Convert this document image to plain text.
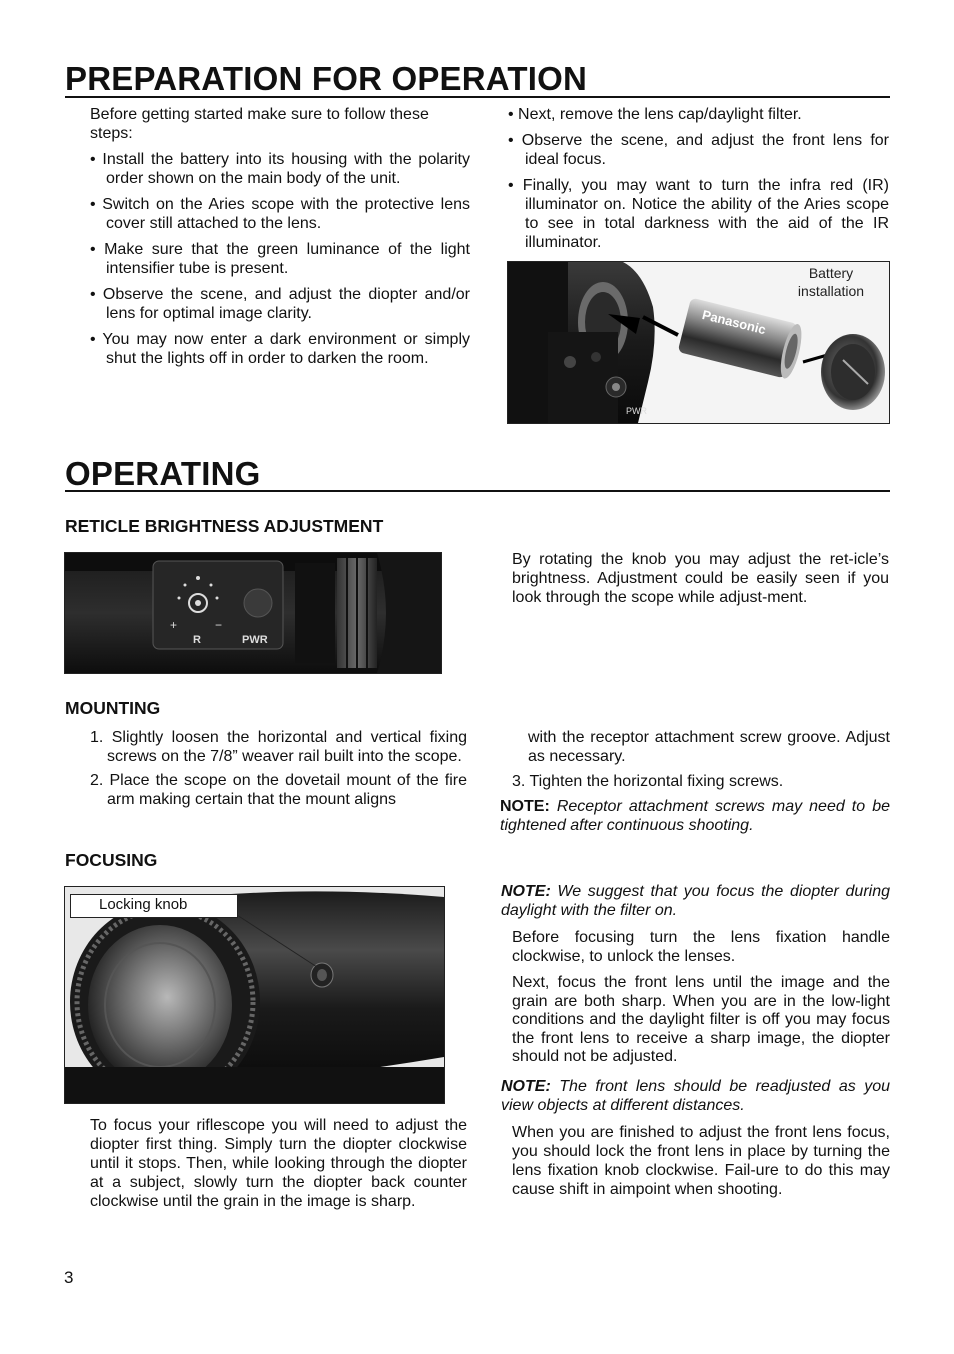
PREPARATION FOR OPERATION

Before getting started make sure to follow these steps:

• Install the battery into its housing with the polarity order shown on the main body of the unit.

• Switch on the Aries scope with the protective lens cover still attached to the lens.

• Make sure that the green luminance of the light intensifier tube is present.

• Observe the scene, and adjust the diopter and/or lens for optimal image clarity.

• You may now enter a dark environment or simply shut the lights off in order to darken the room.

• Next, remove the lens cap/daylight filter.

• Observe the scene, and adjust the front lens for ideal focus.

• Finally, you may want to turn the infra red (IR) illuminator on. Notice the ability of the Aries scope to see in total darkness with the aid of the IR illuminator.

PWR
Panasonic
Battery
installation
OPERATING
RETICLE BRIGHTNESS ADJUSTMENT
+	−
R	PWR

By rotating the knob you may adjust the ret-icle’s brightness. Adjustment could be easily seen if you look through the scope while adjust-ment.

MOUNTING

1. Slightly loosen the horizontal and vertical fixing screws on the 7/8” weaver rail built into the scope.

2. Place the scope on the dovetail mount of the fire arm making certain that the mount aligns

with the receptor attachment screw groove. Adjust as necessary.

3. Tighten the horizontal fixing screws.

NOTE: Receptor attachment screws may need to be tightened after continuous shooting.

FOCUSING
Locking knob

To focus your riflescope you will need to adjust the diopter first thing. Simply turn the diopter clockwise until it stops. Then, while looking through the diopter at a subject, slowly turn the diopter back counter clockwise until the grain in the image is sharp.

NOTE: We suggest that you focus the diopter during daylight with the filter on.

Before focusing turn the lens fixation handle clockwise, to unlock the lenses.

Next, focus the front lens until the image and the grain are both sharp. When you are in the low-light conditions and the daylight filter is off you may focus the front lens to receive a sharp image, the diopter should not be adjusted.

NOTE: The front lens should be readjusted as you view objects at different distances.

When you are finished to adjust the front lens focus, you should lock the front lens in place by turning the lens fixation knob clockwise. Fail-ure to do this may cause shift in aimpoint when shooting.

3
